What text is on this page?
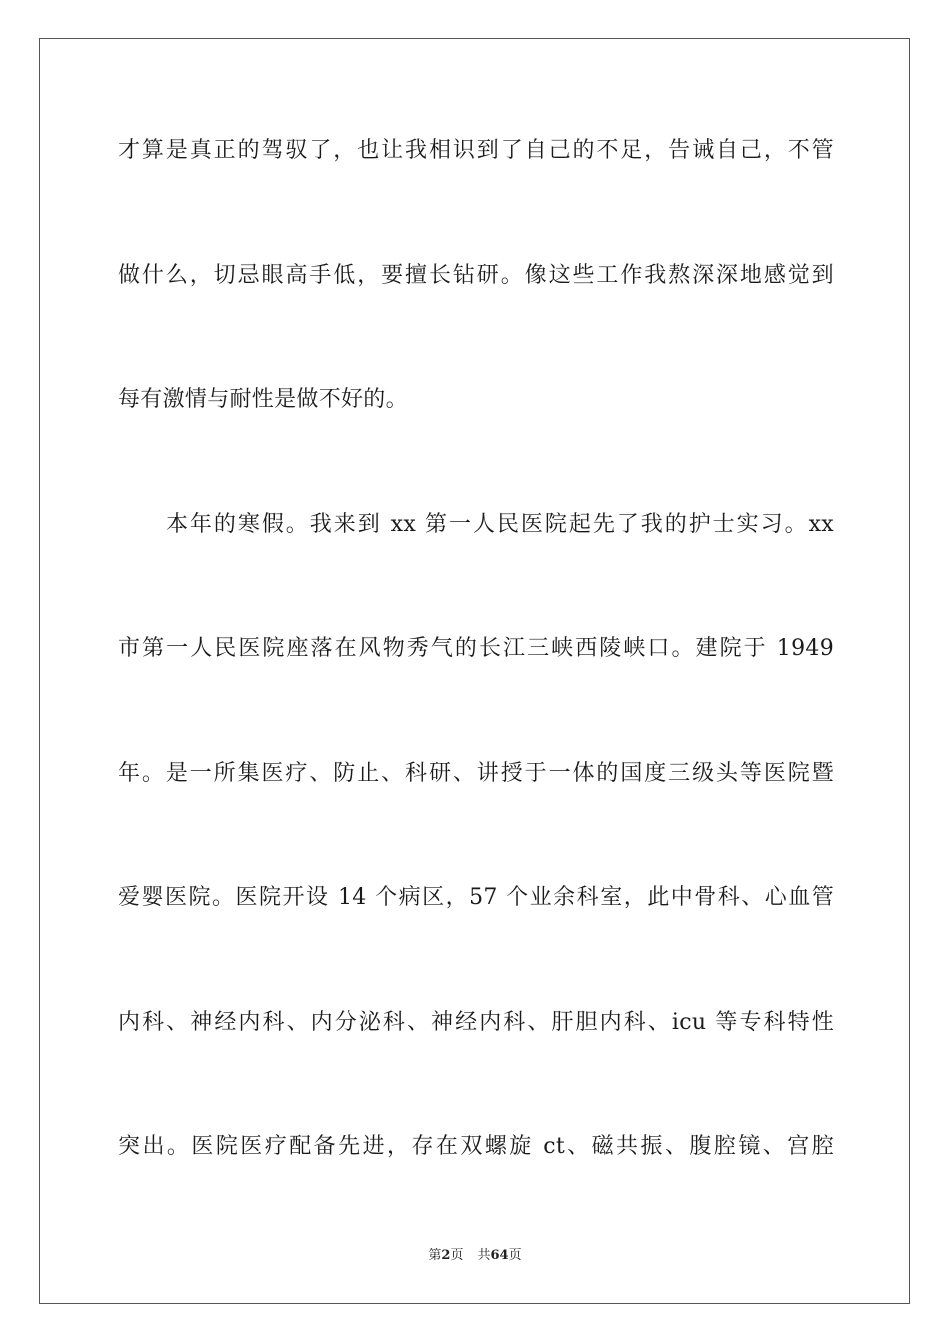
才算是真正的驾驭了，也让我相识到了自己的不足，告诫自己，不管
做什么，切忌眼高手低，要擅长钻研。像这些工作我熬深深地感觉到
每有激情与耐性是做不好的。
　　本年的寒假。我来到 xx 第一人民医院起先了我的护士实习。xx
市第一人民医院座落在风物秀气的长江三峡西陵峡口。建院于 1949
年。是一所集医疗、防止、科研、讲授于一体的国度三级头等医院暨
爱婴医院。医院开设 14 个病区，57 个业余科室，此中骨科、心血管
内科、神经内科、内分泌科、神经内科、肝胆内科、icu 等专科特性
突出。医院医疗配备先进，存在双螺旋 ct、磁共振、腹腔镜、宫腔
第2页 共64页
